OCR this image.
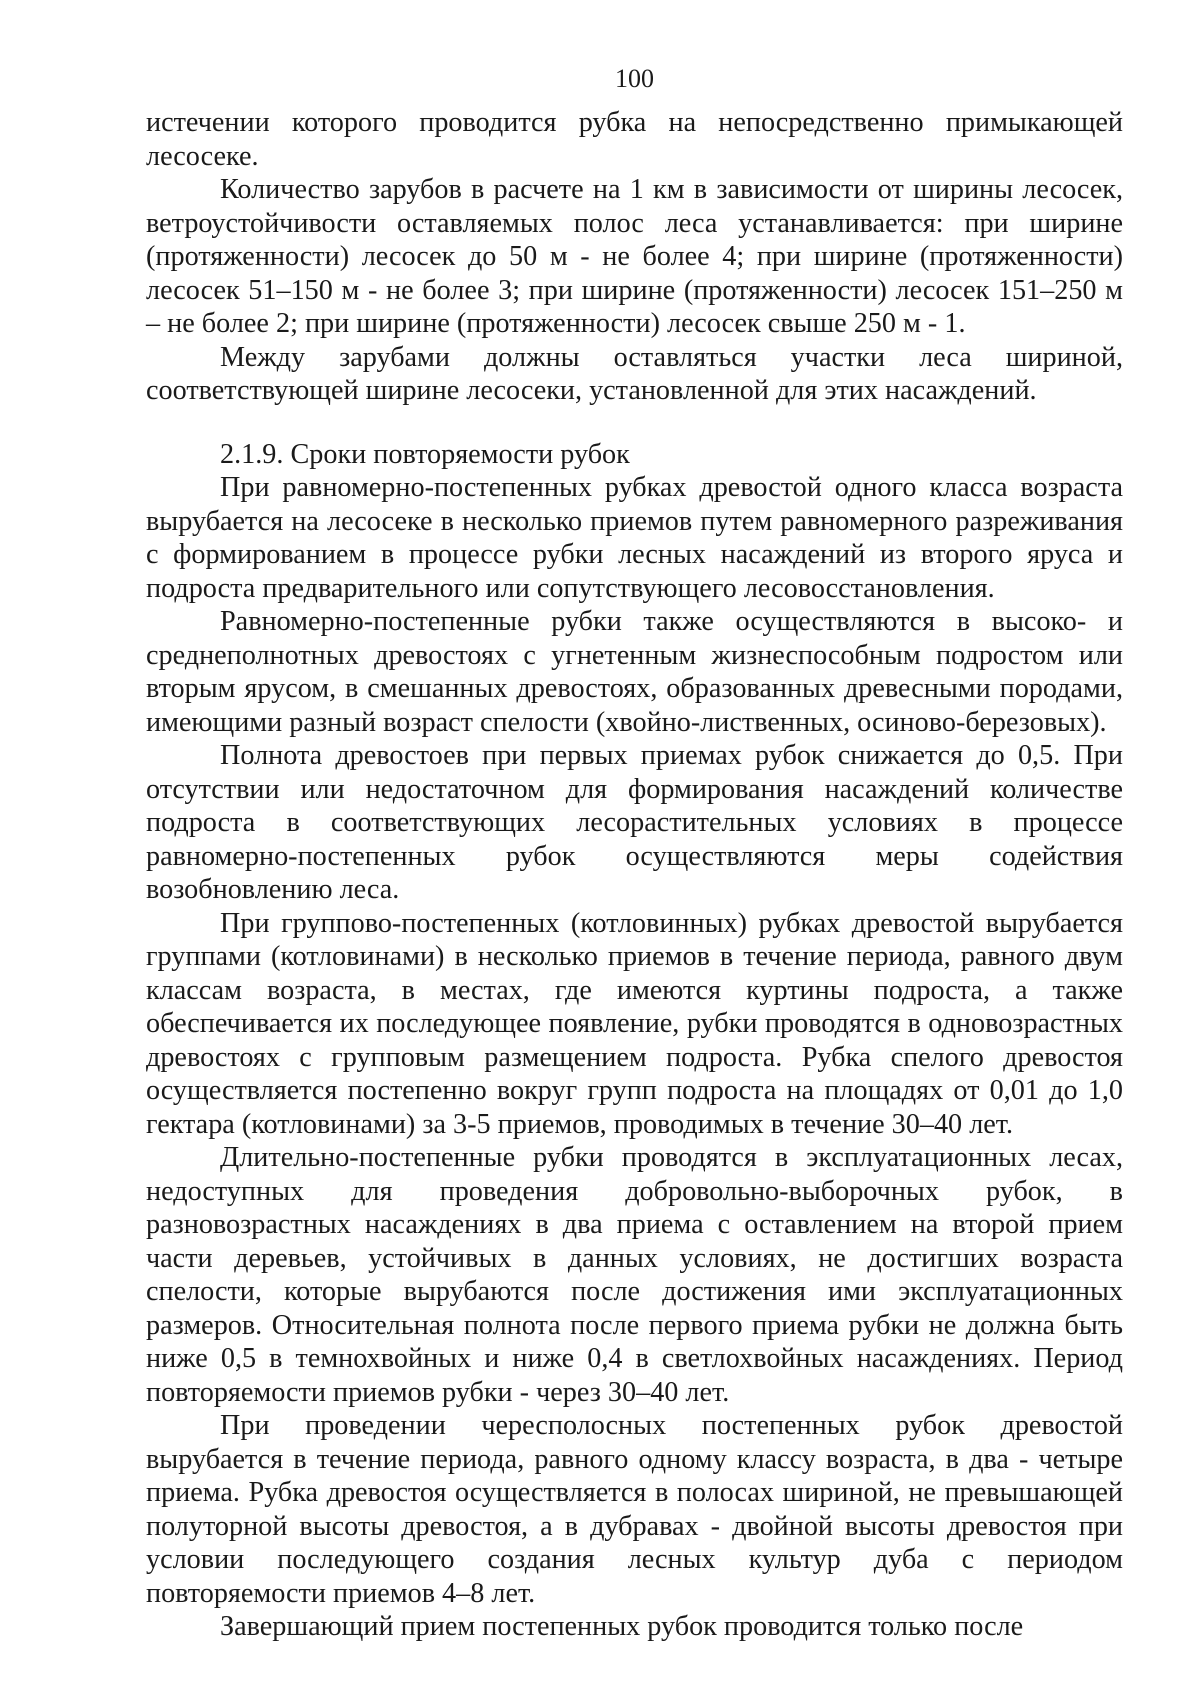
100

истечении которого проводится рубка на непосредственно примыкающей лесосеке.

Количество зарубов в расчете на 1 км в зависимости от ширины лесосек, ветроустойчивости оставляемых полос леса устанавливается: при ширине (протяженности) лесосек до 50 м - не более 4; при ширине (протяженности) лесосек 51–150 м - не более 3; при ширине (протяженности) лесосек 151–250 м – не более 2; при ширине (протяженности) лесосек свыше 250 м - 1.

Между зарубами должны оставляться участки леса шириной, соответствующей ширине лесосеки, установленной для этих насаждений.

2.1.9. Сроки повторяемости рубок

При равномерно-постепенных рубках древостой одного класса возраста вырубается на лесосеке в несколько приемов путем равномерного разреживания с формированием в процессе рубки лесных насаждений из второго яруса и подроста предварительного или сопутствующего лесовосстановления.

Равномерно-постепенные рубки также осуществляются в высоко- и среднеполнотных древостоях с угнетенным жизнеспособным подростом или вторым ярусом, в смешанных древостоях, образованных древесными породами, имеющими разный возраст спелости (хвойно-лиственных, осиново-березовых).

Полнота древостоев при первых приемах рубок снижается до 0,5. При отсутствии или недостаточном для формирования насаждений количестве подроста в соответствующих лесорастительных условиях в процессе равномерно-постепенных рубок осуществляются меры содействия возобновлению леса.

При группово-постепенных (котловинных) рубках древостой вырубается группами (котловинами) в несколько приемов в течение периода, равного двум классам возраста, в местах, где имеются куртины подроста, а также обеспечивается их последующее появление, рубки проводятся в одновозрастных древостоях с групповым размещением подроста. Рубка спелого древостоя осуществляется постепенно вокруг групп подроста на площадях от 0,01 до 1,0 гектара (котловинами) за 3-5 приемов, проводимых в течение 30–40 лет.

Длительно-постепенные рубки проводятся в эксплуатационных лесах, недоступных для проведения добровольно-выборочных рубок, в разновозрастных насаждениях в два приема с оставлением на второй прием части деревьев, устойчивых в данных условиях, не достигших возраста спелости, которые вырубаются после достижения ими эксплуатационных размеров. Относительная полнота после первого приема рубки не должна быть ниже 0,5 в темнохвойных и ниже 0,4 в светлохвойных насаждениях. Период повторяемости приемов рубки - через 30–40 лет.

При проведении чересполосных постепенных рубок древостой вырубается в течение периода, равного одному классу возраста, в два - четыре приема. Рубка древостоя осуществляется в полосах шириной, не превышающей полуторной высоты древостоя, а в дубравах - двойной высоты древостоя при условии последующего создания лесных культур дуба с периодом повторяемости приемов 4–8 лет.

Завершающий прием постепенных рубок проводится только после
